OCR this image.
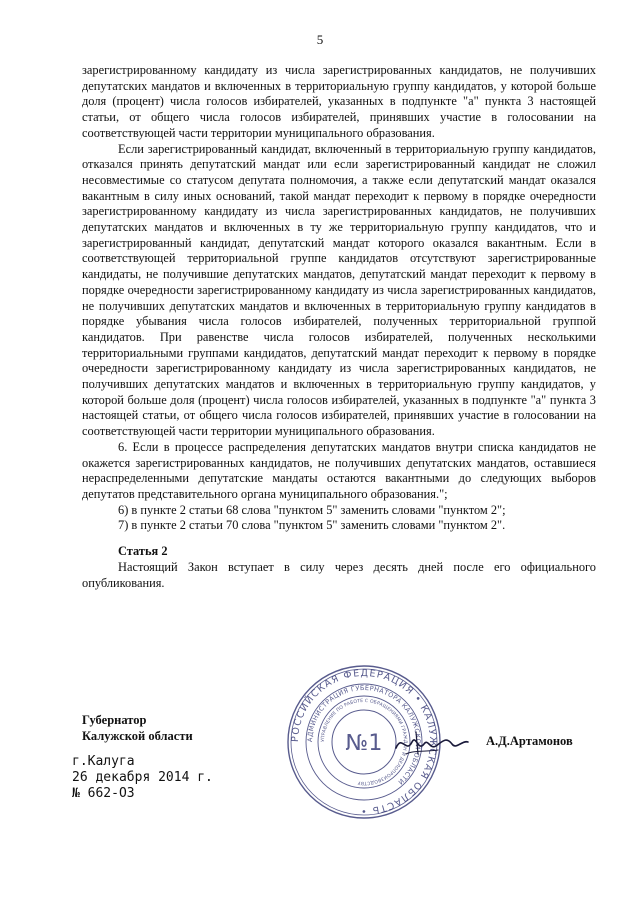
5

зарегистрированному кандидату из числа зарегистрированных кандидатов, не получивших депутатских мандатов и включенных в территориальную группу кандидатов, у которой больше доля (процент) числа голосов избирателей, указанных в подпункте "а" пункта 3 настоящей статьи, от общего числа голосов избирателей, принявших участие в голосовании на соответствующей части территории муниципального образования.

Если зарегистрированный кандидат, включенный в территориальную группу кандидатов, отказался принять депутатский мандат или если зарегистрированный кандидат не сложил несовместимые со статусом депутата полномочия, а также если депутатский мандат оказался вакантным в силу иных оснований, такой мандат переходит к первому в порядке очередности зарегистрированному кандидату из числа зарегистрированных кандидатов, не получивших депутатских мандатов и включенных в ту же территориальную группу кандидатов, что и зарегистрированный кандидат, депутатский мандат которого оказался вакантным. Если в соответствующей территориальной группе кандидатов отсутствуют зарегистрированные кандидаты, не получившие депутатских мандатов, депутатский мандат переходит к первому в порядке очередности зарегистрированному кандидату из числа зарегистрированных кандидатов, не получивших депутатских мандатов и включенных в территориальную группу кандидатов в порядке убывания числа голосов избирателей, полученных территориальной группой кандидатов. При равенстве числа голосов избирателей, полученных несколькими территориальными группами кандидатов, депутатский мандат переходит к первому в порядке очередности зарегистрированному кандидату из числа зарегистрированных кандидатов, не получивших депутатских мандатов и включенных в территориальную группу кандидатов, у которой больше доля (процент) числа голосов избирателей, указанных в подпункте "а" пункта 3 настоящей статьи, от общего числа голосов избирателей, принявших участие в голосовании на соответствующей части территории муниципального образования.

6. Если в процессе распределения депутатских мандатов внутри списка кандидатов не окажется зарегистрированных кандидатов, не получивших депутатских мандатов, оставшиеся нераспределенными депутатские мандаты остаются вакантными до следующих выборов депутатов представительного органа муниципального образования.";

6) в пункте 2 статьи 68 слова "пунктом 5" заменить словами "пунктом 2";

7) в пункте 2 статьи 70 слова "пунктом 5" заменить словами "пунктом 2".

Статья 2

Настоящий Закон вступает в силу через десять дней после его официального опубликования.

Губернатор
Калужской области
г.Калуга
26 декабря 2014 г.
№ 662-ОЗ
РОССИЙСКАЯ ФЕДЕРАЦИЯ • КАЛУЖСКАЯ ОБЛАСТЬ •
АДМИНИСТРАЦИЯ ГУБЕРНАТОРА КАЛУЖСКОЙ ОБЛАСТИ
УПРАВЛЕНИЕ ПО РАБОТЕ С ОБРАЩЕНИЯМИ ГРАЖДАН И ДЕЛОПРОИЗВОДСТВУ
№1	А.Д.Артамонов
